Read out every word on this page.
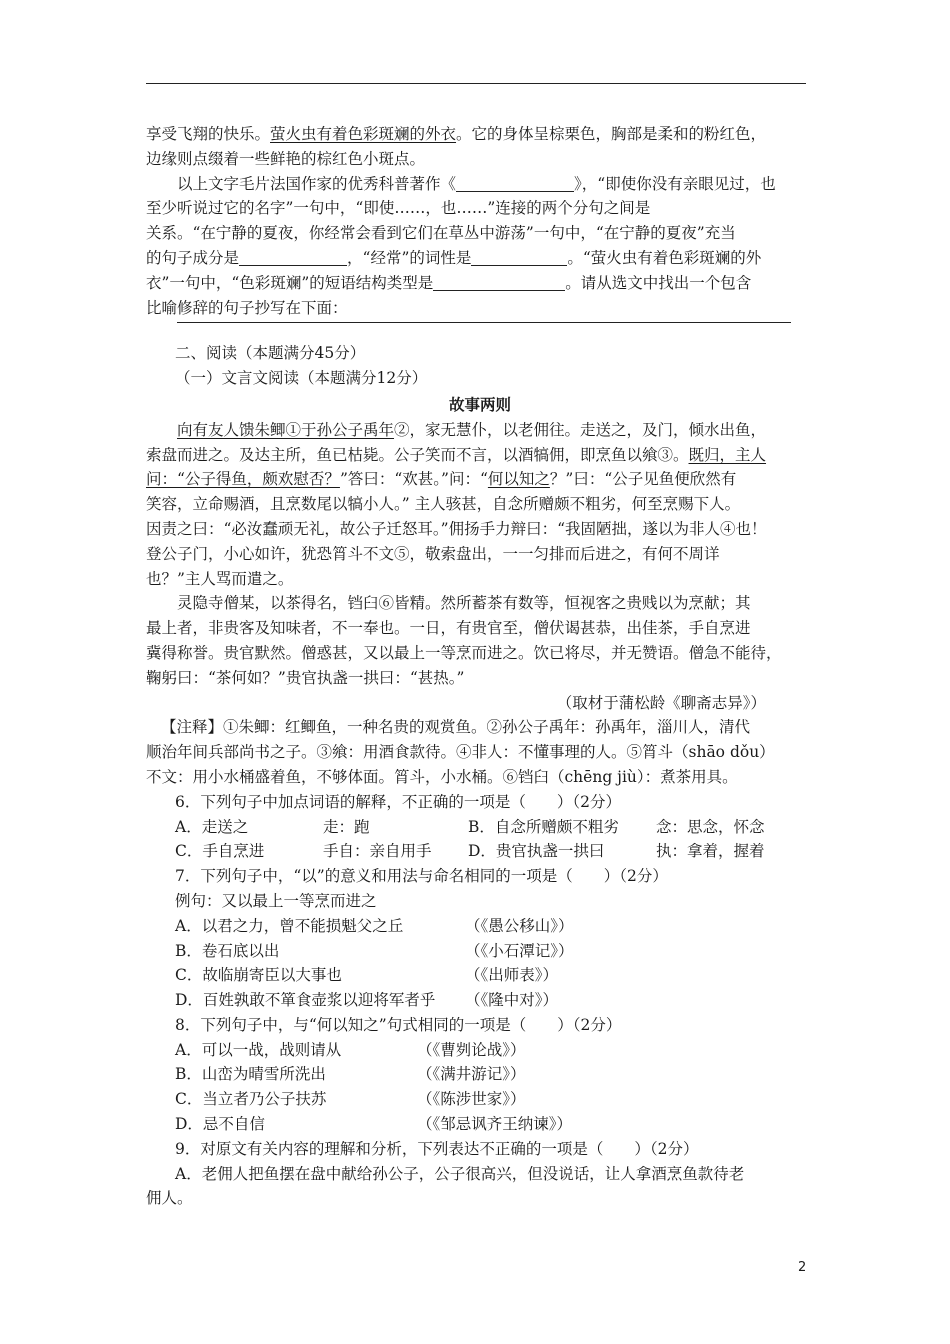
享受飞翔的快乐。萤火虫有着色彩斑斓的外衣。它的身体呈棕栗色，胸部是柔和的粉红色，

边缘则点缀着一些鲜艳的棕红色小斑点。

以上文字毛片法国作家的优秀科普著作《	》，“即使你没有亲眼见过，也

至少听说过它的名字”一句中，“即使……，也……”连接的两个分句之间是

关系。“在宁静的夏夜，你经常会看到它们在草丛中游荡”一句中，“在宁静的夏夜”充当

的句子成分是	，“经常”的词性是	。“萤火虫有着色彩斑斓的外

衣”一句中，“色彩斑斓”的短语结构类型是	。请从选文中找出一个包含

比喻修辞的句子抄写在下面：

二、阅读（本题满分45分）

（一）文言文阅读（本题满分12分）

故事两则

向有友人馈朱鲫①于孙公子禹年②，家无慧仆，以老佣往。走送之，及门，倾水出鱼，

索盘而进之。及达主所，鱼已枯毙。公子笑而不言，以酒犒佣，即烹鱼以飨③。既归，主人

问：“公子得鱼，颇欢慰否？”答曰：“欢甚。”问：“何以知之？”曰：“公子见鱼便欣然有

笑容，立命赐酒，且烹数尾以犒小人。” 主人骇甚，自念所赠颇不粗劣，何至烹赐下人。

因责之曰：“必汝蠢顽无礼，故公子迁怒耳。”佣扬手力辩曰：“我固陋拙，遂以为非人④也！

登公子门，小心如许，犹恐筲斗不文⑤，敬索盘出，一一匀排而后进之，有何不周详

也？”主人骂而遣之。

灵隐寺僧某，以茶得名，铛臼⑥皆精。然所蓄茶有数等，恒视客之贵贱以为烹献；其

最上者，非贵客及知味者，不一奉也。一日，有贵官至，僧伏谒甚恭，出佳茶，手自烹进

冀得称誉。贵官默然。僧惑甚，又以最上一等烹而进之。饮已将尽，并无赞语。僧急不能待，

鞠躬曰：“茶何如？”贵官执盏一拱曰：“甚热。”

（取材于蒲松龄《聊斋志异》）

【注释】①朱鲫：红鲫鱼，一种名贵的观赏鱼。②孙公子禹年：孙禹年，淄川人，清代

顺治年间兵部尚书之子。③飨：用酒食款待。④非人：不懂事理的人。⑤筲斗（shāo dǒu）

不文：用小水桶盛着鱼，不够体面。筲斗，小水桶。⑥铛臼（chēng jiù）：煮茶用具。

6．下列句子中加点词语的解释，不正确的一项是（　　）（2分）

A．走送之	走：跑	B．自念所赠颇不粗劣	念：思念，怀念
C．手自烹进	手自：亲自用手	D．贵官执盏一拱曰	执：拿着，握着

7．下列句子中，“以”的意义和用法与命名相同的一项是（　　）（2分）

例句：又以最上一等烹而进之

A．以君之力，曾不能损魁父之丘	（《愚公移山》）
B．卷石底以出	（《小石潭记》）
C．故临崩寄臣以大事也	（《出师表》）
D．百姓孰敢不箪食壶浆以迎将军者乎	（《隆中对》）

8．下列句子中，与“何以知之”句式相同的一项是（　　）（2分）

A．可以一战，战则请从	（《曹刿论战》）
B．山峦为晴雪所洗出	（《满井游记》）
C．当立者乃公子扶苏	（《陈涉世家》）
D．忌不自信	（《邹忌讽齐王纳谏》）

9．对原文有关内容的理解和分析，下列表达不正确的一项是（　　）（2分）

A．老佣人把鱼摆在盘中献给孙公子，公子很高兴，但没说话，让人拿酒烹鱼款待老

佣人。

2
